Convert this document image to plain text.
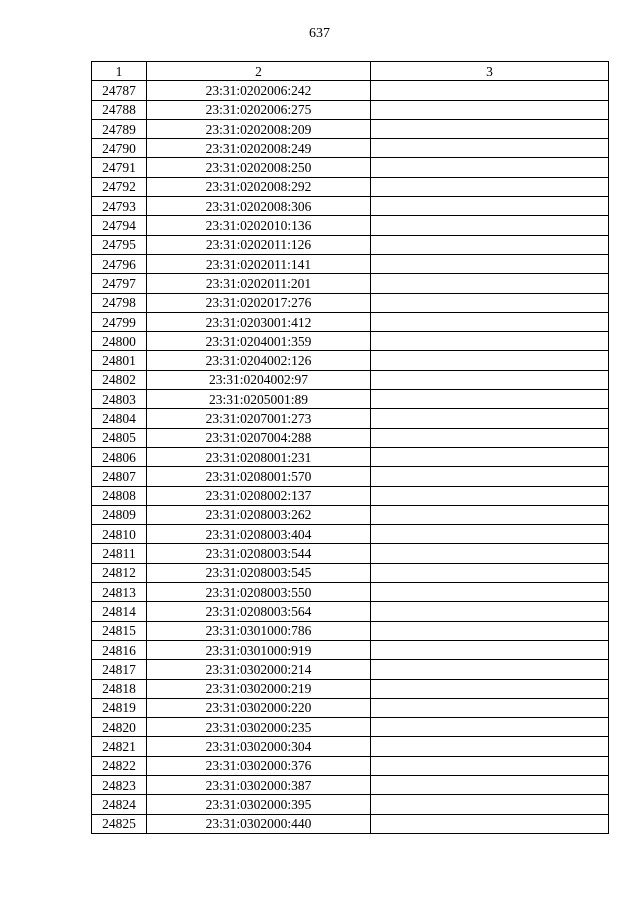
637
1	2	3
24787	23:31:0202006:242	
24788	23:31:0202006:275	
24789	23:31:0202008:209	
24790	23:31:0202008:249	
24791	23:31:0202008:250	
24792	23:31:0202008:292	
24793	23:31:0202008:306	
24794	23:31:0202010:136	
24795	23:31:0202011:126	
24796	23:31:0202011:141	
24797	23:31:0202011:201	
24798	23:31:0202017:276	
24799	23:31:0203001:412	
24800	23:31:0204001:359	
24801	23:31:0204002:126	
24802	23:31:0204002:97	
24803	23:31:0205001:89	
24804	23:31:0207001:273	
24805	23:31:0207004:288	
24806	23:31:0208001:231	
24807	23:31:0208001:570	
24808	23:31:0208002:137	
24809	23:31:0208003:262	
24810	23:31:0208003:404	
24811	23:31:0208003:544	
24812	23:31:0208003:545	
24813	23:31:0208003:550	
24814	23:31:0208003:564	
24815	23:31:0301000:786	
24816	23:31:0301000:919	
24817	23:31:0302000:214	
24818	23:31:0302000:219	
24819	23:31:0302000:220	
24820	23:31:0302000:235	
24821	23:31:0302000:304	
24822	23:31:0302000:376	
24823	23:31:0302000:387	
24824	23:31:0302000:395	
24825	23:31:0302000:440	
